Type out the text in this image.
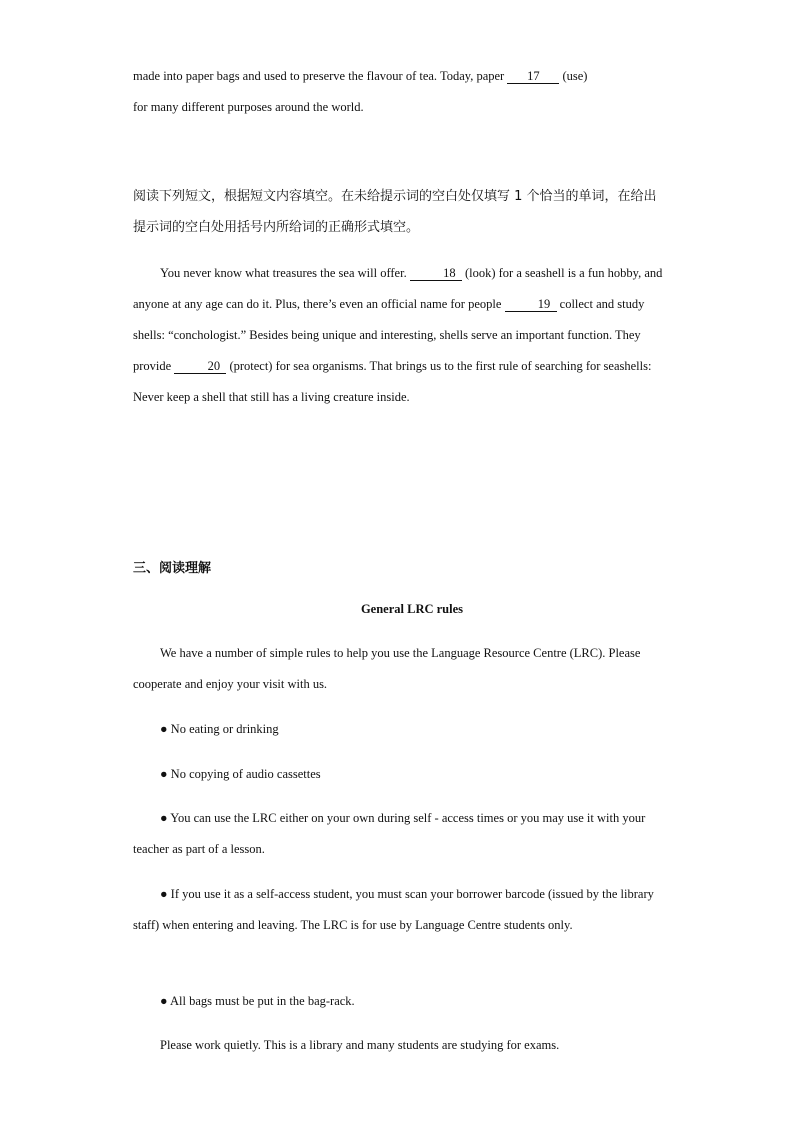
made into paper bags and used to preserve the flavour of tea. Today, paper 17 (use)
for many different purposes around the world.

阅读下列短文，根据短文内容填空。在未给提示词的空白处仅填写 1 个恰当的单词，在给出提示词的空白处用括号内所给词的正确形式填空。

You never know what treasures the sea will offer.	18 (look) for a seashell is a fun hobby, and anyone at any age can do it. Plus, there’s even an official name for people	19 collect and study shells: “conchologist.” Besides being unique and interesting, shells serve an important function. They provide	20 (protect) for sea organisms. That brings us to the first rule of searching for seashells: Never keep a shell that still has a living creature inside.

三、阅读理解

General LRC rules

We have a number of simple rules to help you use the Language Resource Centre (LRC). Please cooperate and enjoy your visit with us.

● No eating or drinking

● No copying of audio cassettes

● You can use the LRC either on your own during self - access times or you may use it with your teacher as part of a lesson.

● If you use it as a self-access student, you must scan your borrower barcode (issued by the library staff) when entering and leaving. The LRC is for use by Language Centre students only.

● All bags must be put in the bag-rack.

Please work quietly. This is a library and many students are studying for exams.
